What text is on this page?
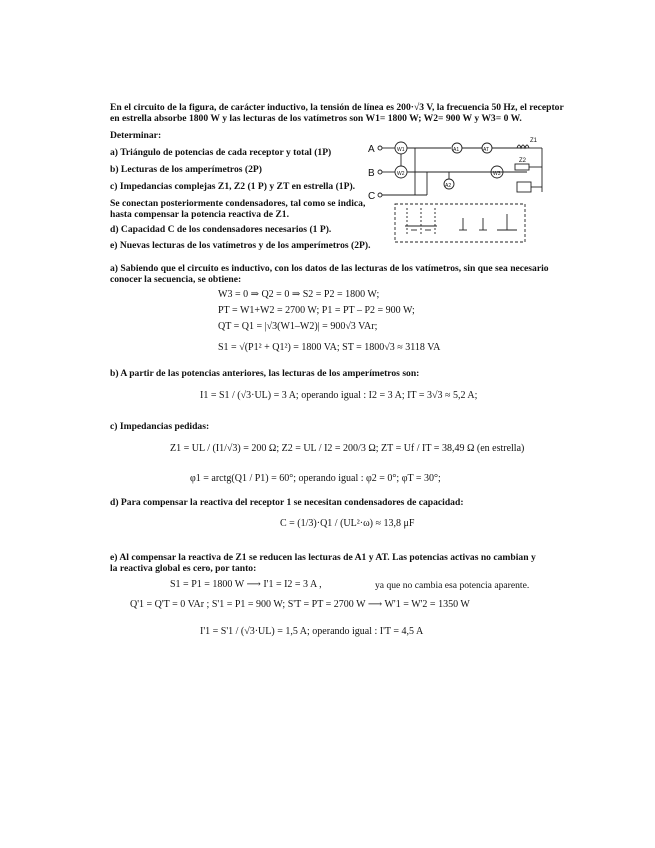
En el circuito de la figura, de carácter inductivo, la tensión de línea es 200·√3 V, la frecuencia 50 Hz, el receptor
en estrella absorbe 1800 W y las lecturas de los vatímetros son W1= 1800 W; W2= 900 W y W3= 0 W.
Determinar:
a) Triángulo de potencias de cada receptor y total (1P)
b) Lecturas de los amperímetros (2P)
c) Impedancias complejas Z1, Z2 (1 P) y ZT en estrella (1P).
Se conectan posteriormente condensadores, tal como se indica,
hasta compensar la potencia reactiva de Z1.
d) Capacidad C de los condensadores necesarios (1 P).
e) Nuevas lecturas de los vatímetros y de los amperímetros (2P).
A
B
C
W1	A1	AT
Z1
W2
Z2
W3
A2
a) Sabiendo que el circuito es inductivo, con los datos de las lecturas de los vatímetros, sin que sea necesario
conocer la secuencia, se obtiene:
W3 = 0 ⇒ Q2 = 0 ⇒ S2 = P2 = 1800 W;
PT = W1+W2 = 2700 W; P1 = PT – P2 = 900 W;
QT = Q1 = |√3(W1–W2)| = 900√3 VAr;
S1 = √(P1² + Q1²) = 1800 VA; ST = 1800√3 ≈ 3118 VA
b) A partir de las potencias anteriores, las lecturas de los amperímetros son:
I1 = S1 / (√3·UL) = 3 A; operando igual : I2 = 3 A; IT = 3√3 ≈ 5,2 A;
c) Impedancias pedidas:
Z1 = UL / (I1/√3) = 200 Ω; Z2 = UL / I2 = 200/3 Ω; ZT = Uf / IT = 38,49 Ω (en estrella)
φ1 = arctg(Q1 / P1) = 60°; operando igual : φ2 = 0°; φT = 30°;
d) Para compensar la reactiva del receptor 1 se necesitan condensadores de capacidad:
C = (1/3)·Q1 / (UL²·ω) ≈ 13,8 μF
e) Al compensar la reactiva de Z1 se reducen las lecturas de A1 y AT. Las potencias activas no cambian y
la reactiva global es cero, por tanto:
S1 = P1 = 1800 W ⟶ I'1 = I2 = 3 A ,	ya que no cambia esa potencia aparente.
Q'1 = Q'T = 0 VAr ; S'1 = P1 = 900 W; S'T = PT = 2700 W ⟶ W'1 = W'2 = 1350 W
I'1 = S'1 / (√3·UL) = 1,5 A; operando igual : I'T = 4,5 A
